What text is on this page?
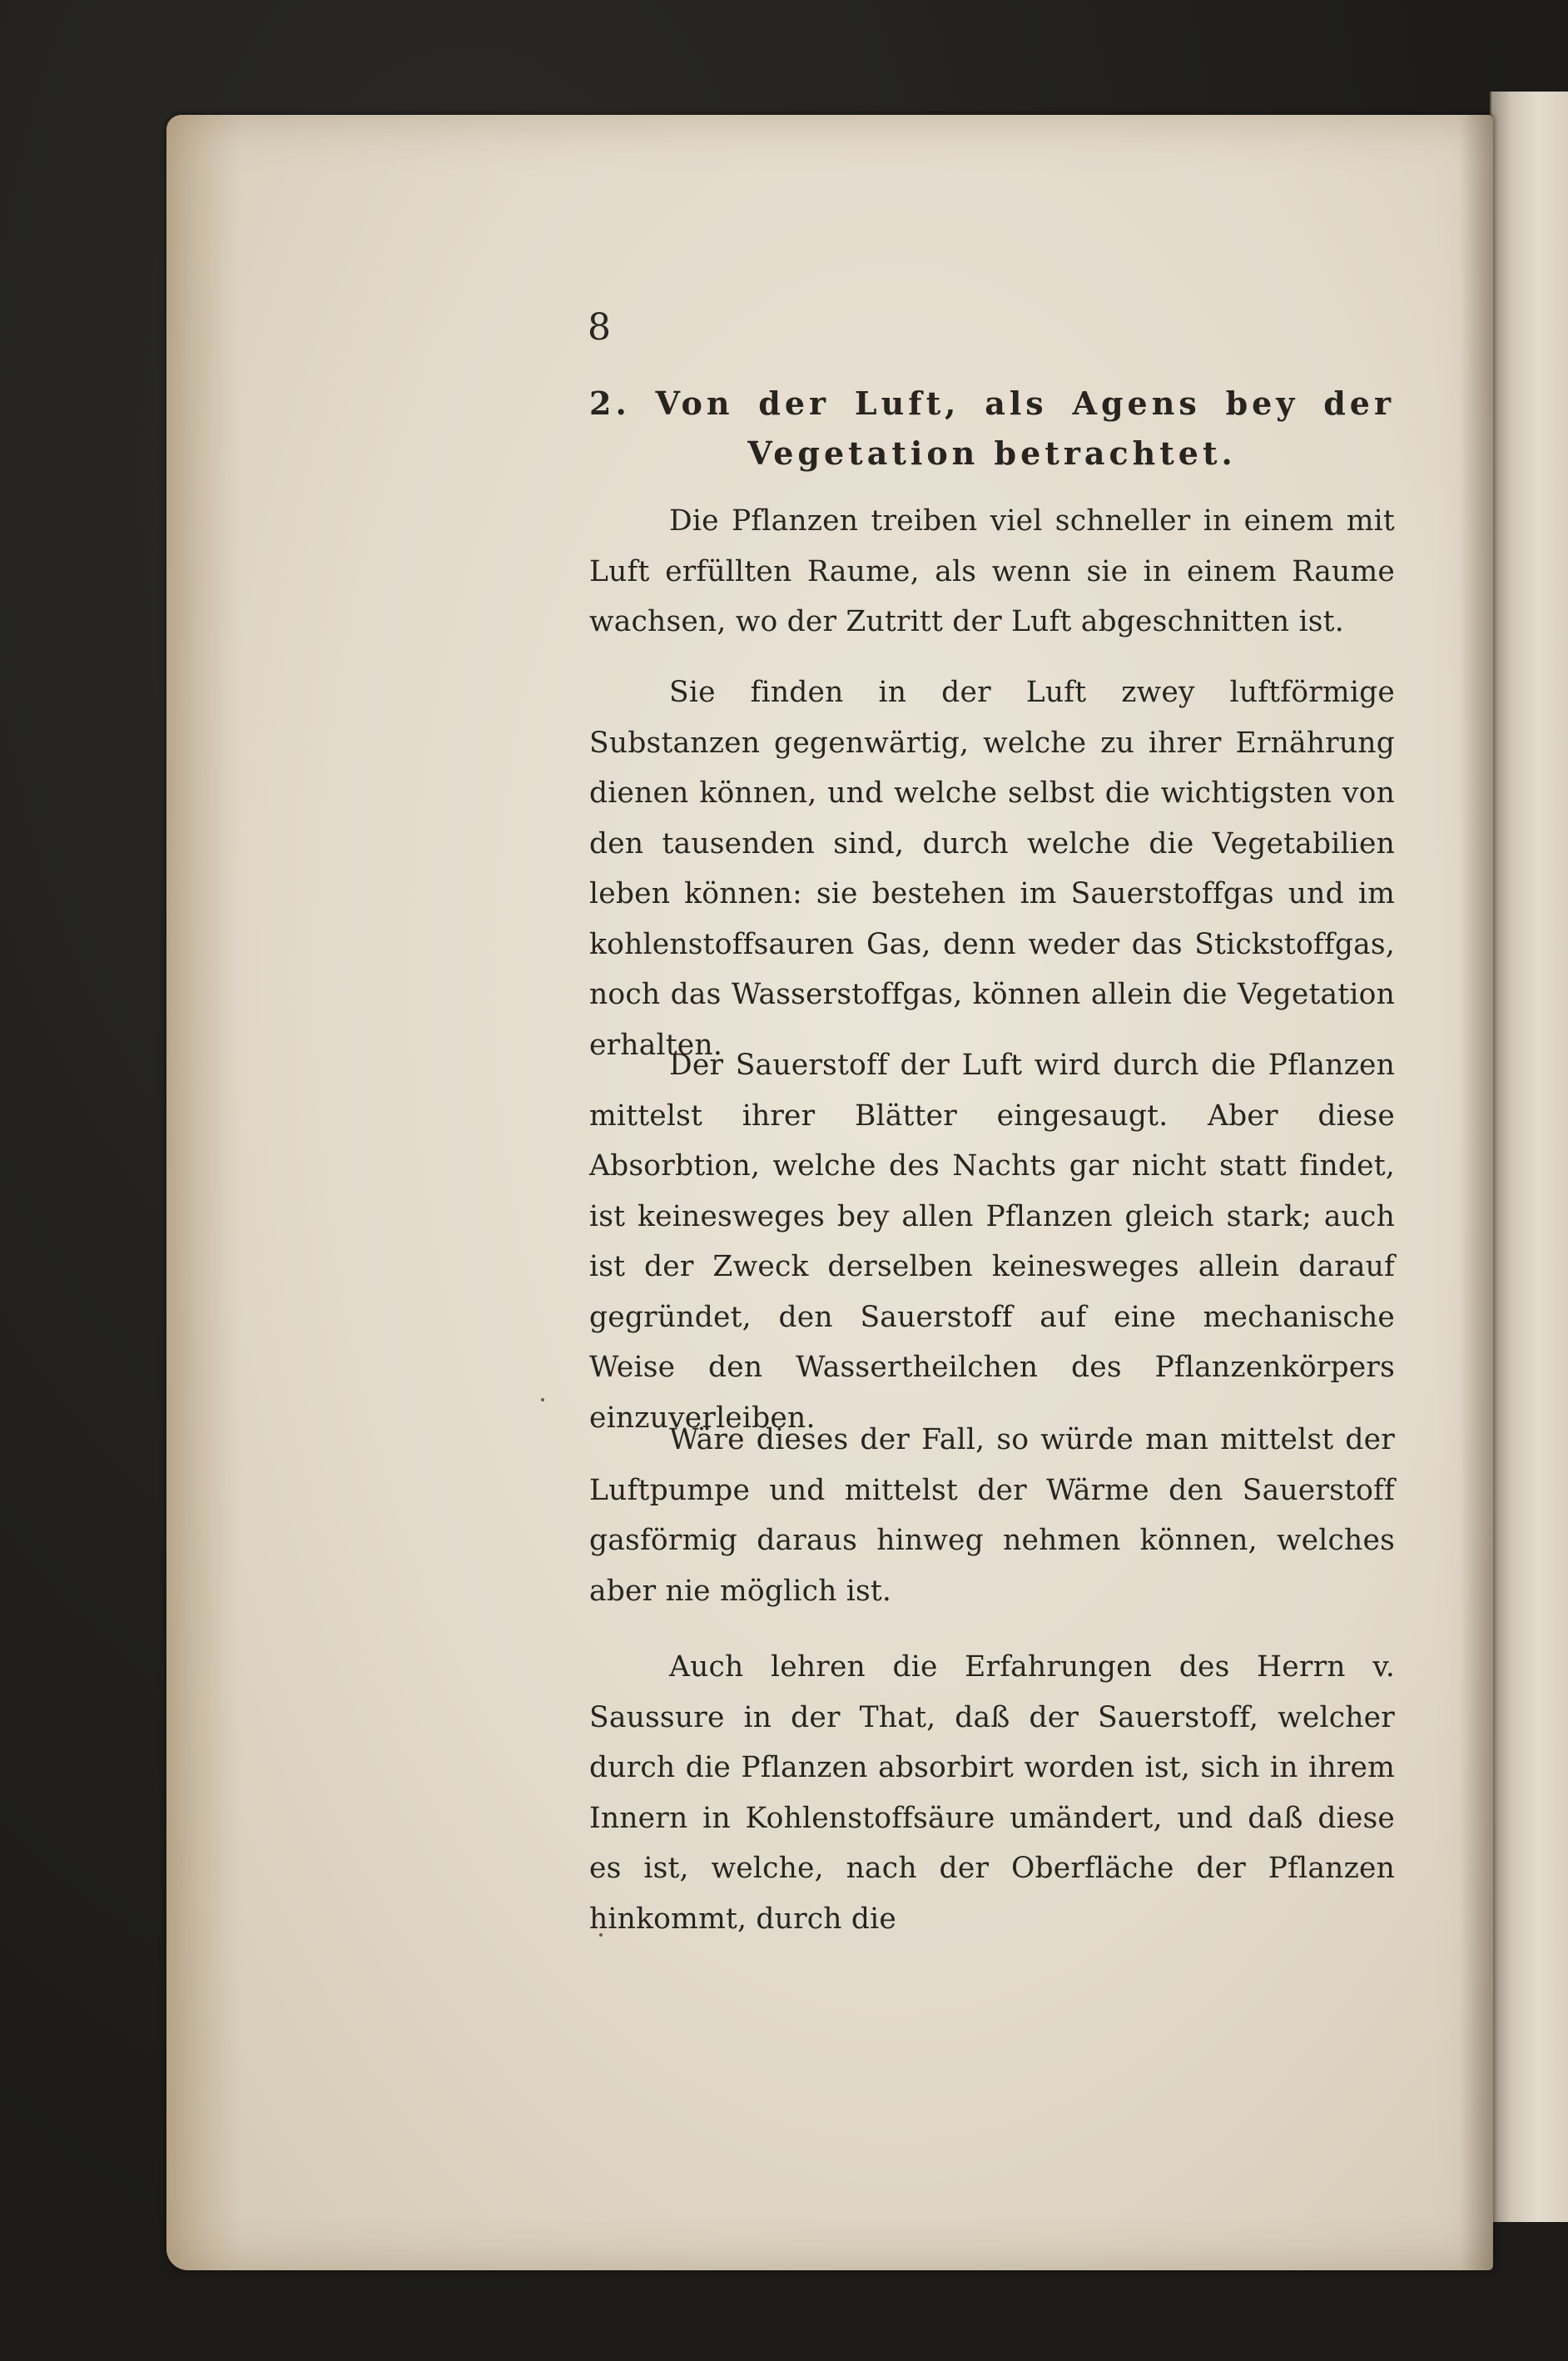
8

2. Von der Luft, als Agens bey der Vegetation betrachtet.

Die Pflanzen treiben viel schneller in einem mit Luft erfüllten Raume, als wenn sie in einem Raume wachsen, wo der Zutritt der Luft abgeschnitten ist.

Sie finden in der Luft zwey luftförmige Substanzen gegenwärtig, welche zu ihrer Ernährung dienen können, und welche selbst die wichtigsten von den tausenden sind, durch welche die Vegetabilien leben können: sie bestehen im Sauerstoffgas und im kohlenstoffsauren Gas, denn weder das Stickstoffgas, noch das Wasserstoffgas, können allein die Vegetation erhalten.

Der Sauerstoff der Luft wird durch die Pflanzen mittelst ihrer Blätter eingesaugt. Aber diese Absorbtion, welche des Nachts gar nicht statt findet, ist keinesweges bey allen Pflanzen gleich stark; auch ist der Zweck derselben keinesweges allein darauf gegründet, den Sauerstoff auf eine mechanische Weise den Wassertheilchen des Pflanzenkörpers einzuverleiben.

Wäre dieses der Fall, so würde man mittelst der Luftpumpe und mittelst der Wärme den Sauerstoff gasförmig daraus hinweg nehmen können, welches aber nie möglich ist.

Auch lehren die Erfahrungen des Herrn v. Saussure in der That, daß der Sauerstoff, welcher durch die Pflanzen absorbirt worden ist, sich in ihrem Innern in Kohlenstoffsäure umändert, und daß diese es ist, welche, nach der Oberfläche der Pflanzen hinkommt, durch die
